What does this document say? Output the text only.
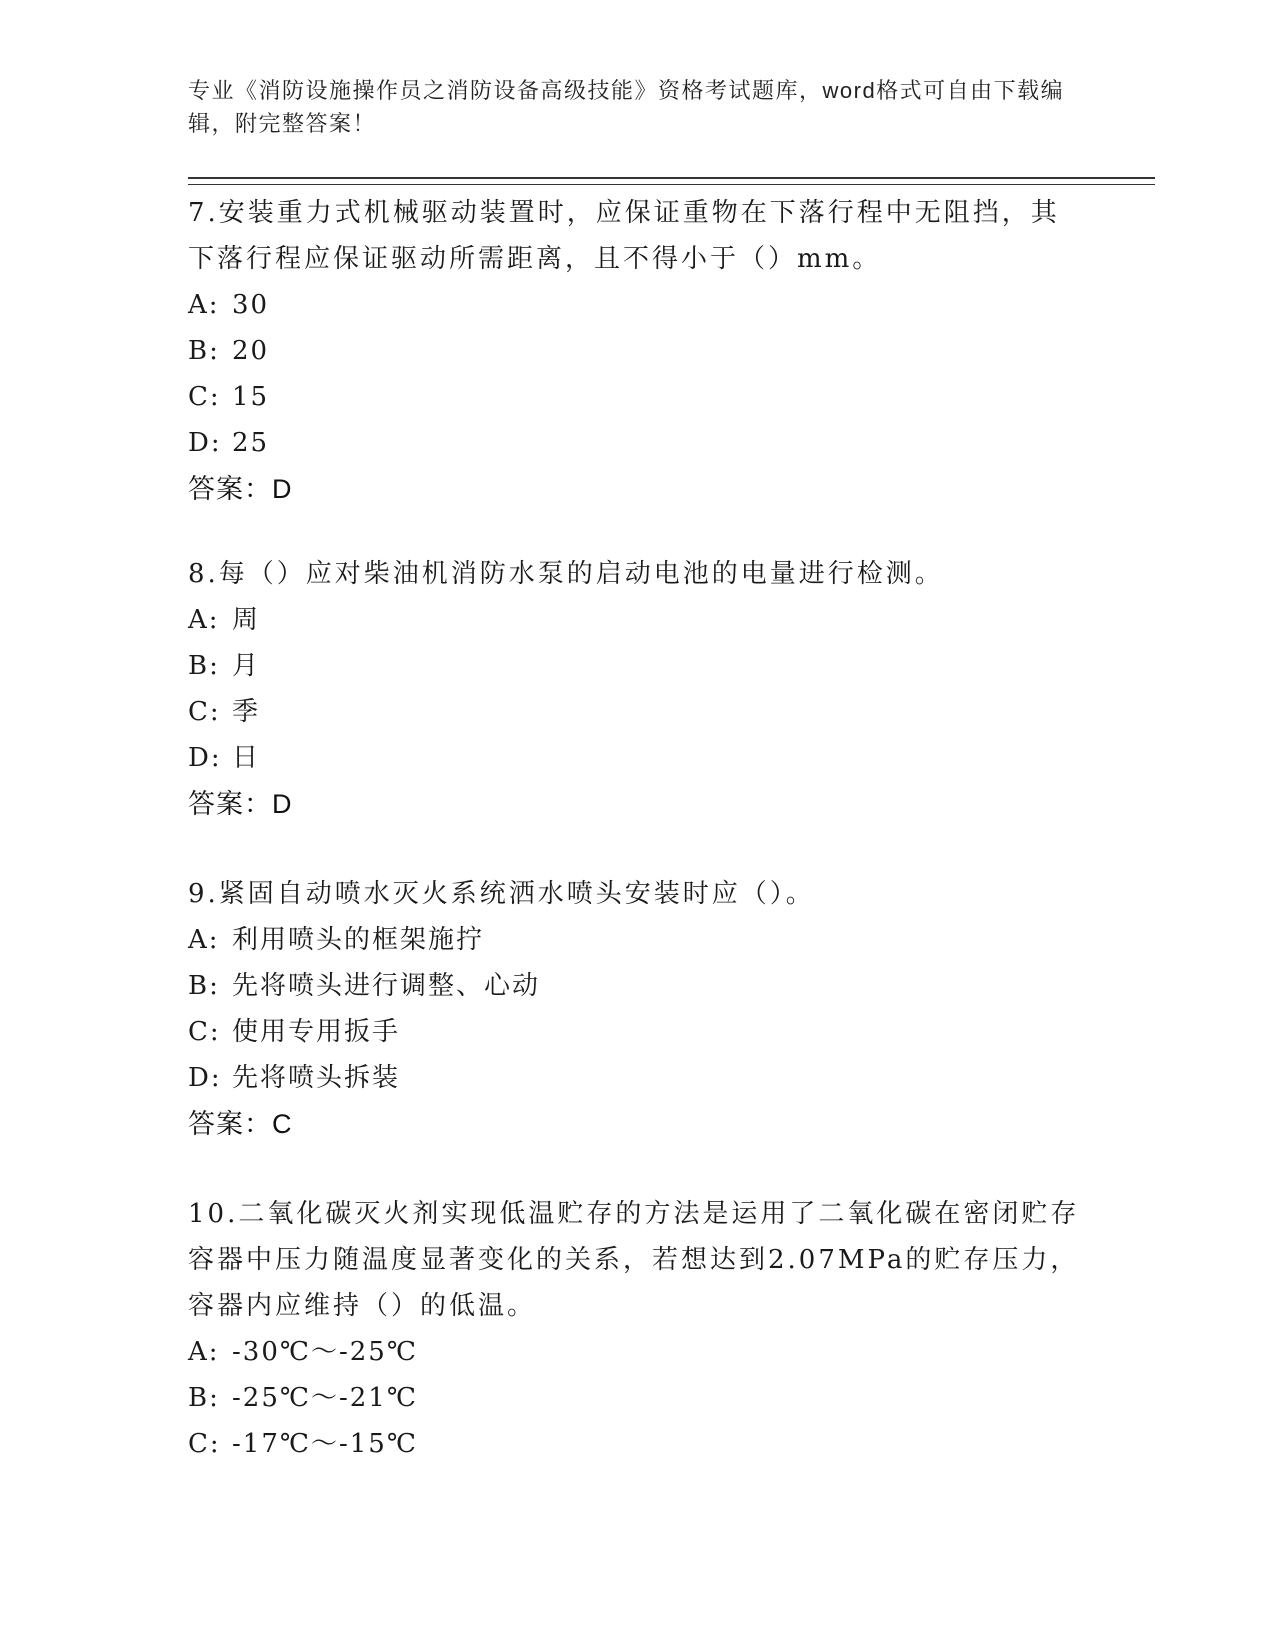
专业《消防设施操作员之消防设备高级技能》资格考试题库，word格式可自由下载编辑，附完整答案！
7.安装重力式机械驱动装置时，应保证重物在下落行程中无阻挡，其下落行程应保证驱动所需距离，且不得小于（）mm。
A: 30
B: 20
C: 15
D: 25
答案：D
8.每（）应对柴油机消防水泵的启动电池的电量进行检测。
A: 周
B: 月
C: 季
D: 日
答案：D
9.紧固自动喷水灭火系统洒水喷头安装时应（）。
A: 利用喷头的框架施拧
B: 先将喷头进行调整、心动
C: 使用专用扳手
D: 先将喷头拆装
答案：C
10.二氧化碳灭火剂实现低温贮存的方法是运用了二氧化碳在密闭贮存容器中压力随温度显著变化的关系，若想达到2.07MPa的贮存压力，容器内应维持（）的低温。
A: -30℃～-25℃
B: -25℃～-21℃
C: -17℃～-15℃
